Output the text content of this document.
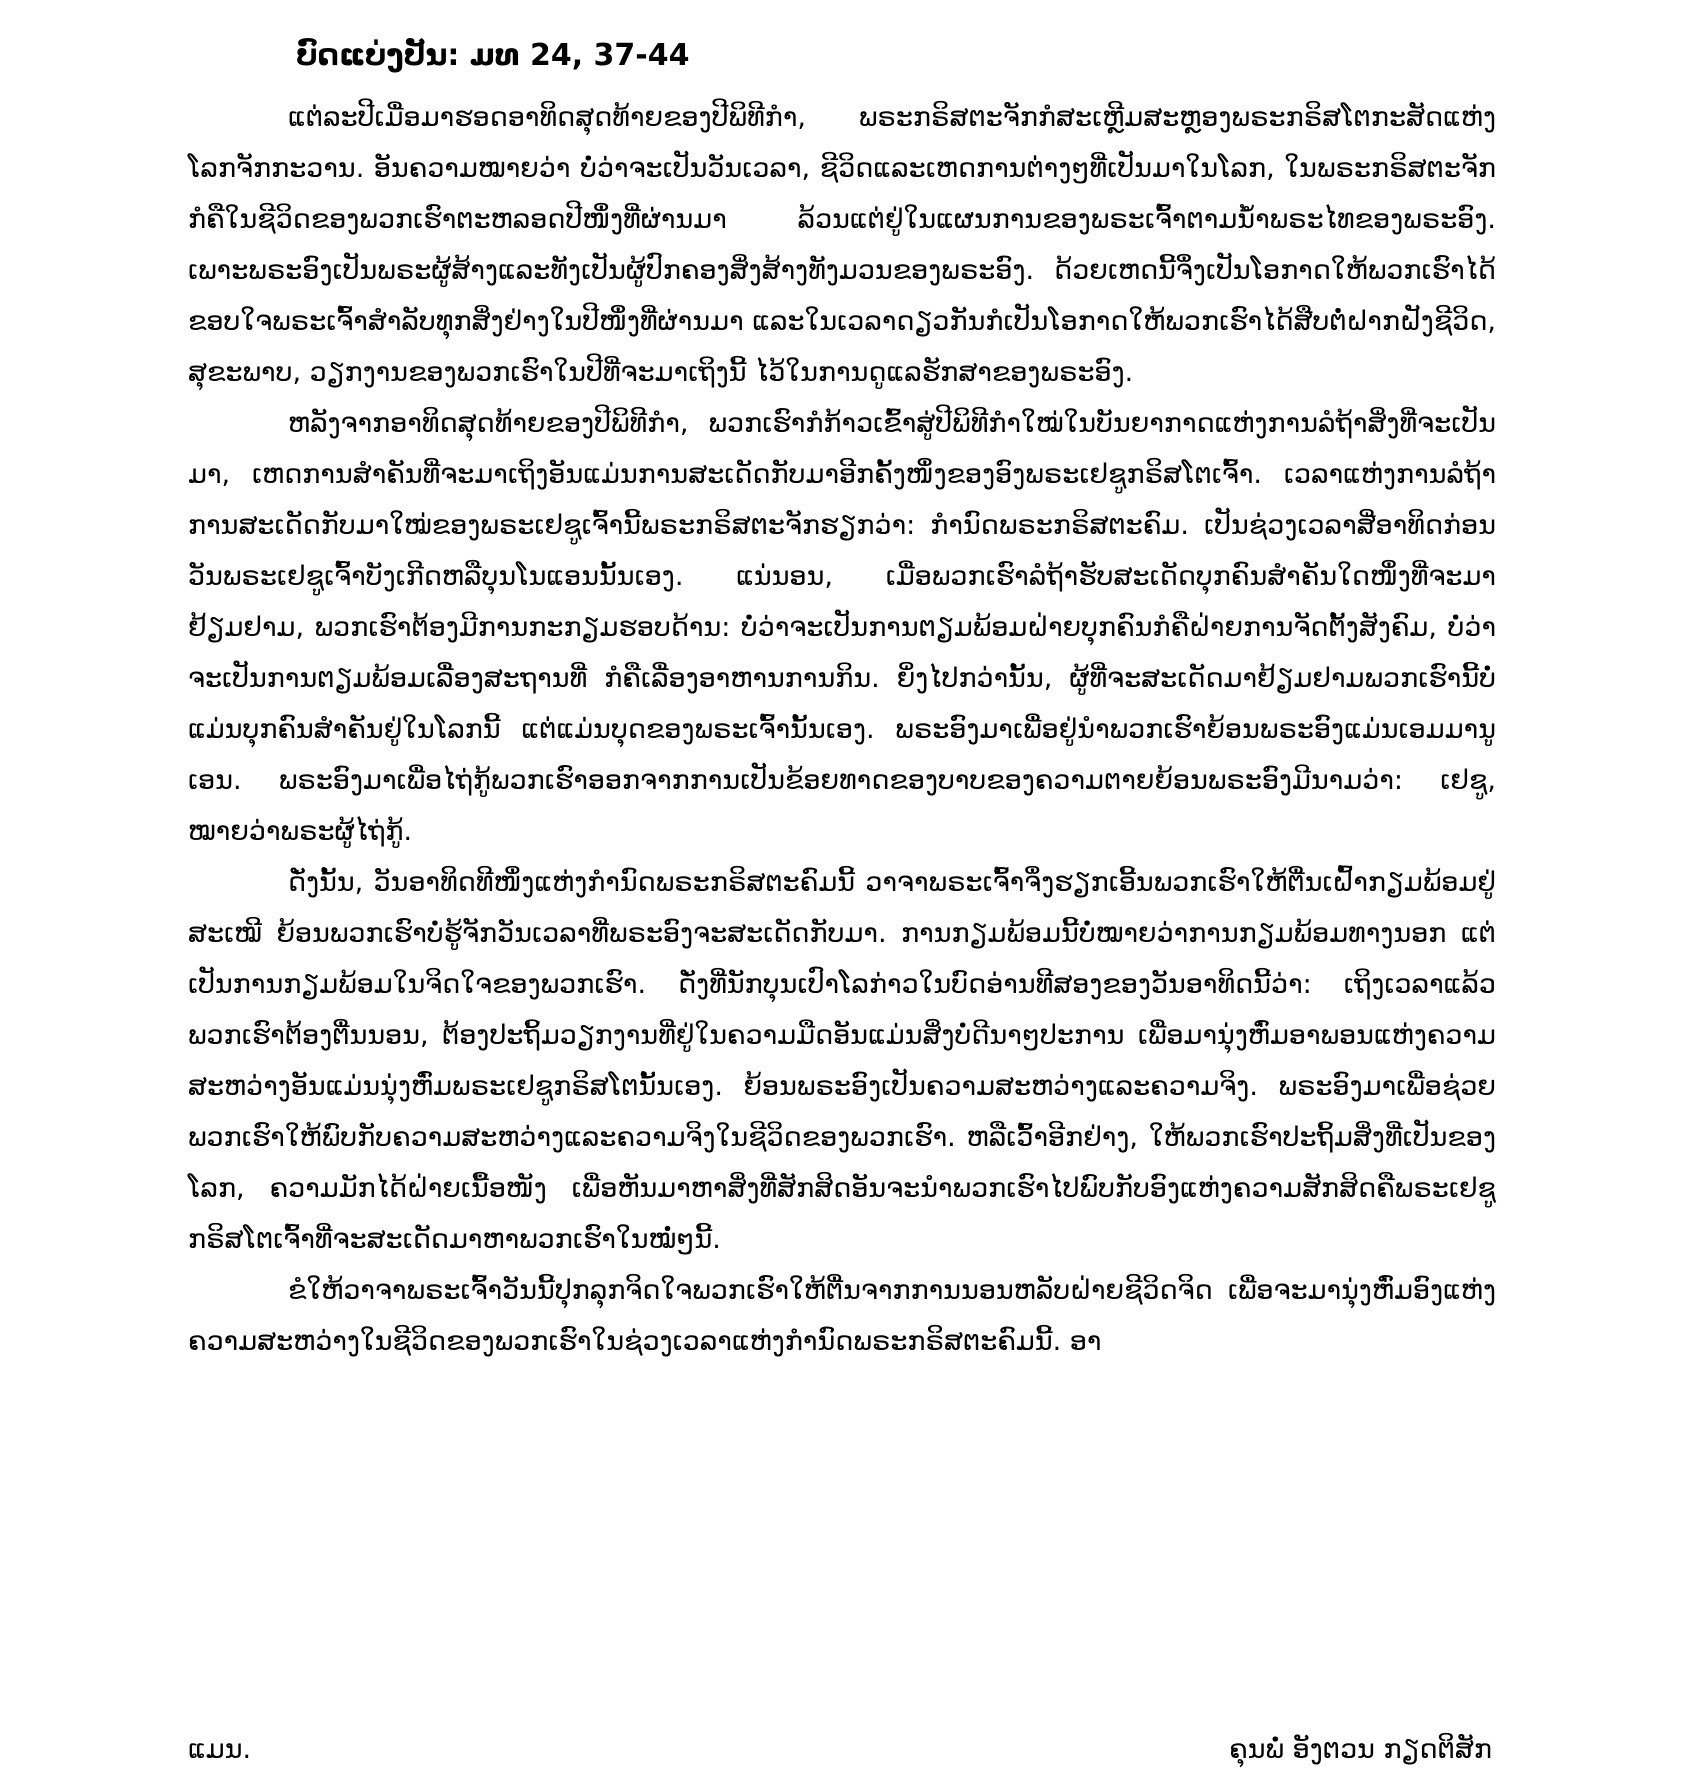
ບົດແບ່ງປັນ: ມທ 24, 37-44

ແຕ່ລະປີເມື່ອມາຮອດອາທິດສຸດທ້າຍຂອງປີພິທີກຳ, ພຣະກຣິສຕະຈັກກໍສະເຫຼີມສະຫຼອງພຣະກຣິສໂຕກະສັດແຫ່ງໂລກຈັກກະວານ. ອັນຄວາມໝາຍວ່າ ບໍ່ວ່າຈະເປັນວັນເວລາ, ຊີວິດແລະເຫດການຕ່າງໆທີ່ເປັນມາໃນໂລກ, ໃນພຣະກຣິສຕະຈັກ ກໍຄືໃນຊີວິດຂອງພວກເຮົາຕະຫລອດປີໜຶ່ງທີ່ຜ່ານມາ ລ້ວນແຕ່ຢູ່ໃນແຜນການຂອງພຣະເຈົ້າຕາມນ້ຳພຣະໄທຂອງພຣະອົງ. ເພາະພຣະອົງເປັນພຣະຜູ້ສ້າງແລະທັງເປັນຜູ້ປົກຄອງສິ່ງສ້າງທັງມວນຂອງພຣະອົງ. ດ້ວຍເຫດນີ້ຈຶ່ງເປັນໂອກາດໃຫ້ພວກເຮົາໄດ້ຂອບໃຈພຣະເຈົ້າສຳລັບທຸກສິ່ງຢ່າງໃນປີໜຶ່ງທີ່ຜ່ານມາ ແລະໃນເວລາດຽວກັນກໍເປັນໂອກາດໃຫ້ພວກເຮົາໄດ້ສືບຕໍ່ຝາກຝັງຊີວິດ, ສຸຂະພາບ, ວຽກງານຂອງພວກເຮົາໃນປີທີ່ຈະມາເຖິງນີ້ ໄວ້ໃນການດູແລຮັກສາຂອງພຣະອົງ.

ຫລັງຈາກອາທິດສຸດທ້າຍຂອງປີພິທີກຳ, ພວກເຮົາກໍກ້າວເຂົ້າສູ່ປີພິທີກຳໃໝ່ໃນບັນຍາກາດແຫ່ງການລໍຖ້າສິ່ງທີ່ຈະເປັນມາ, ເຫດການສຳຄັນທີ່ຈະມາເຖິງອັນແມ່ນການສະເດັດກັບມາອີກຄັ້ງໜຶ່ງຂອງອົງພຣະເຢຊູກຣິສໂຕເຈົ້າ. ເວລາແຫ່ງການລໍຖ້າການສະເດັດກັບມາໃໝ່ຂອງພຣະເຢຊູເຈົ້ານີ້ພຣະກຣິສຕະຈັກຮຽກວ່າ: ກຳນົດພຣະກຣິສຕະຄົມ. ເປັນຊ່ວງເວລາສີ່ອາທິດກ່ອນວັນພຣະເຢຊູເຈົ້າບັງເກີດຫລືບຸນໂນແອນນັ້ນເອງ. ແນ່ນອນ, ເມື່ອພວກເຮົາລໍຖ້າຮັບສະເດັດບຸກຄົນສຳຄັນໃດໜຶ່ງທີ່ຈະມາຢ້ຽມຢາມ, ພວກເຮົາຕ້ອງມີການກະກຽມຮອບດ້ານ: ບໍ່ວ່າຈະເປັນການຕຽມພ້ອມຝ່າຍບຸກຄົນກໍຄືຝ່າຍການຈັດຕັ້ງສັງຄົມ, ບໍ່ວ່າຈະເປັນການຕຽມພ້ອມເລື່ອງສະຖານທີ່ ກໍຄືເລື່ອງອາຫານການກິນ. ຍິ່ງໄປກວ່ານັ້ນ, ຜູ້ທີ່ຈະສະເດັດມາຢ້ຽມຢາມພວກເຮົານີ້ບໍ່ແມ່ນບຸກຄົນສຳຄັນຢູ່ໃນໂລກນີ້ ແຕ່ແມ່ນບຸດຂອງພຣະເຈົ້ານັ້ນເອງ. ພຣະອົງມາເພື່ອຢູ່ນຳພວກເຮົາຍ້ອນພຣະອົງແມ່ນເອມມານູເອນ. ພຣະອົງມາເພື່ອໄຖ່ກູ້ພວກເຮົາອອກຈາກການເປັນຂ້ອຍທາດຂອງບາບຂອງຄວາມຕາຍຍ້ອນພຣະອົງມີນາມວ່າ: ເຢຊູ, ໝາຍວ່າພຣະຜູ້ໄຖ່ກູ້.

ດັ່ງນັ້ນ, ວັນອາທິດທີໜຶ່ງແຫ່ງກຳນົດພຣະກຣິສຕະຄົມນີ້ ວາຈາພຣະເຈົ້າຈຶ່ງຮຽກເອີ້ນພວກເຮົາໃຫ້ຕື່ນເຝົ້າກຽມພ້ອມຢູ່ສະເໝີ ຍ້ອນພວກເຮົາບໍ່ຮູ້ຈັກວັນເວລາທີ່ພຣະອົງຈະສະເດັດກັບມາ. ການກຽມພ້ອມນີ້ບໍ່ໝາຍວ່າການກຽມພ້ອມທາງນອກ ແຕ່ເປັນການກຽມພ້ອມໃນຈິດໃຈຂອງພວກເຮົາ. ດັ່ງທີ່ນັກບຸນເປົາໂລກ່າວໃນບົດອ່ານທີສອງຂອງວັນອາທິດນີ້ວ່າ: ເຖິງເວລາແລ້ວພວກເຮົາຕ້ອງຕື່ນນອນ, ຕ້ອງປະຖິ້ມວຽກງານທີ່ຢູ່ໃນຄວາມມືດອັນແມ່ນສິ່ງບໍ່ດີນາໆປະການ ເພື່ອມານຸ່ງຫົ່ມອາພອນແຫ່ງຄວາມສະຫວ່າງອັນແມ່ນນຸ່ງຫົ່ມພຣະເຢຊູກຣິສໂຕນັ້ນເອງ. ຍ້ອນພຣະອົງເປັນຄວາມສະຫວ່າງແລະຄວາມຈິງ. ພຣະອົງມາເພື່ອຊ່ວຍພວກເຮົາໃຫ້ພົບກັບຄວາມສະຫວ່າງແລະຄວາມຈິງໃນຊີວິດຂອງພວກເຮົາ. ຫລືເວົ້າອີກຢ່າງ, ໃຫ້ພວກເຮົາປະຖິ້ມສິ່ງທີ່ເປັນຂອງໂລກ, ຄວາມມັກໄດ້ຝ່າຍເນື້ອໜັງ ເພື່ອຫັນມາຫາສິ່ງທີ່ສັກສິດອັນຈະນຳພວກເຮົາໄປພົບກັບອົງແຫ່ງຄວາມສັກສິດຄືພຣະເຢຊູກຣິສໂຕເຈົ້າທີ່ຈະສະເດັດມາຫາພວກເຮົາໃນໝໍ່ໆນີ້.

ຂໍໃຫ້ວາຈາພຣະເຈົ້າວັນນີ້ປຸກລຸກຈິດໃຈພວກເຮົາໃຫ້ຕື່ນຈາກການນອນຫລັບຝ່າຍຊີວິດຈິດ ເພື່ອຈະມານຸ່ງຫົ່ມອົງແຫ່ງຄວາມສະຫວ່າງໃນຊີວິດຂອງພວກເຮົາໃນຊ່ວງເວລາແຫ່ງກຳນົດພຣະກຣິສຕະຄົມນີ້. ອາ

ແມນ.	ຄຸນພໍ່ ອັງຕວນ ກຽດຕິສັກ
